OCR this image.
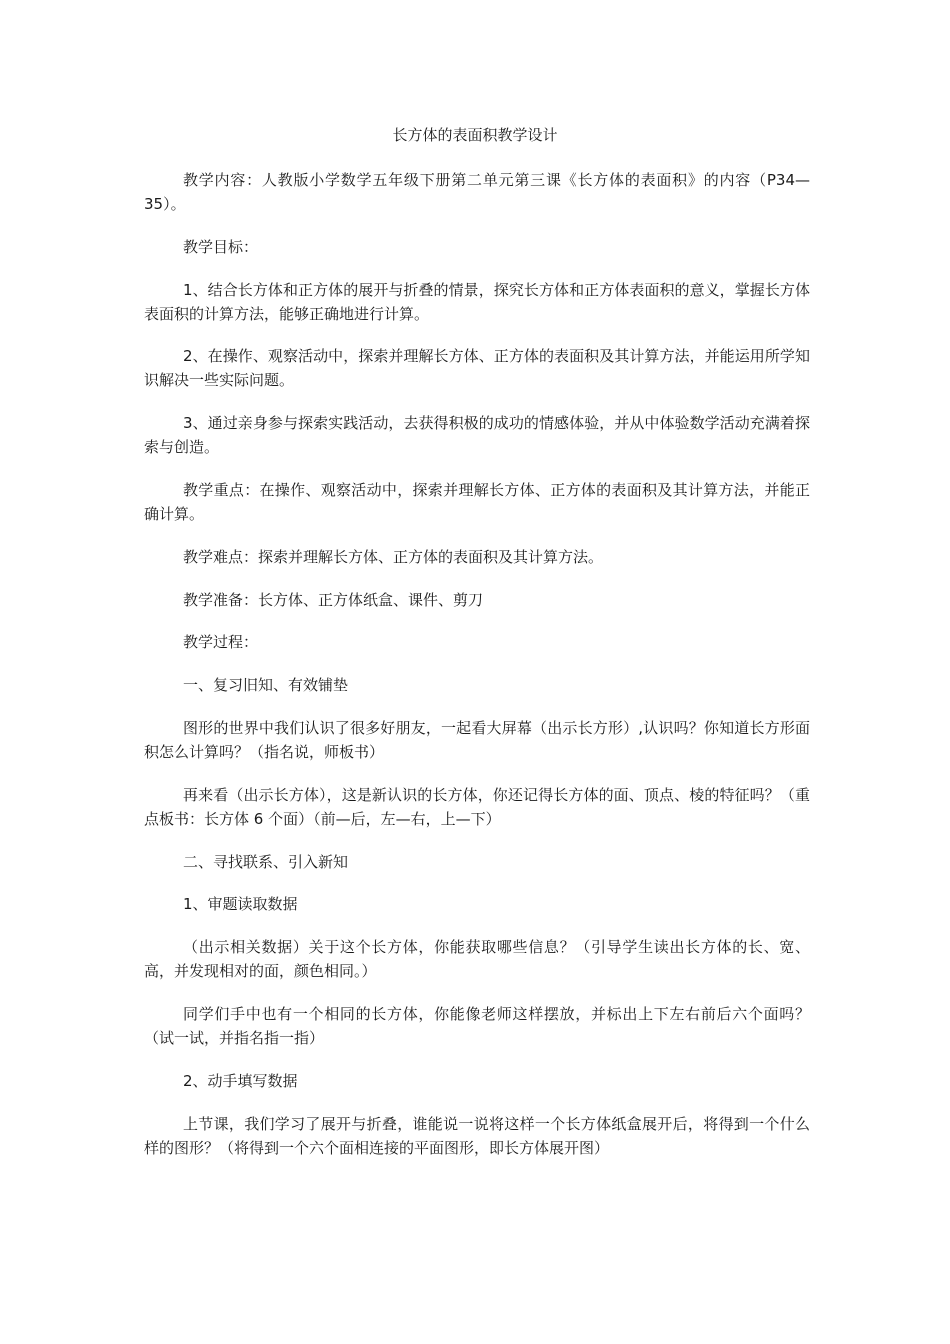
长方体的表面积教学设计

教学内容：人教版小学数学五年级下册第二单元第三课《长方体的表面积》的内容（P34—35）。

教学目标：

1、结合长方体和正方体的展开与折叠的情景，探究长方体和正方体表面积的意义，掌握长方体表面积的计算方法，能够正确地进行计算。

2、在操作、观察活动中，探索并理解长方体、正方体的表面积及其计算方法，并能运用所学知识解决一些实际问题。

3、通过亲身参与探索实践活动，去获得积极的成功的情感体验，并从中体验数学活动充满着探索与创造。

教学重点：在操作、观察活动中，探索并理解长方体、正方体的表面积及其计算方法，并能正确计算。

教学难点：探索并理解长方体、正方体的表面积及其计算方法。

教学准备：长方体、正方体纸盒、课件、剪刀

教学过程：

一、复习旧知、有效铺垫

图形的世界中我们认识了很多好朋友，一起看大屏幕（出示长方形）,认识吗？你知道长方形面积怎么计算吗？（指名说，师板书）

再来看（出示长方体），这是新认识的长方体，你还记得长方体的面、顶点、棱的特征吗？（重点板书：长方体 6 个面）（前—后，左—右，上—下）

二、寻找联系、引入新知

1、审题读取数据

（出示相关数据）关于这个长方体，你能获取哪些信息？（引导学生读出长方体的长、宽、高，并发现相对的面，颜色相同。）

同学们手中也有一个相同的长方体，你能像老师这样摆放，并标出上下左右前后六个面吗？（试一试，并指名指一指）

2、动手填写数据

上节课，我们学习了展开与折叠，谁能说一说将这样一个长方体纸盒展开后，将得到一个什么样的图形？（将得到一个六个面相连接的平面图形，即长方体展开图）
